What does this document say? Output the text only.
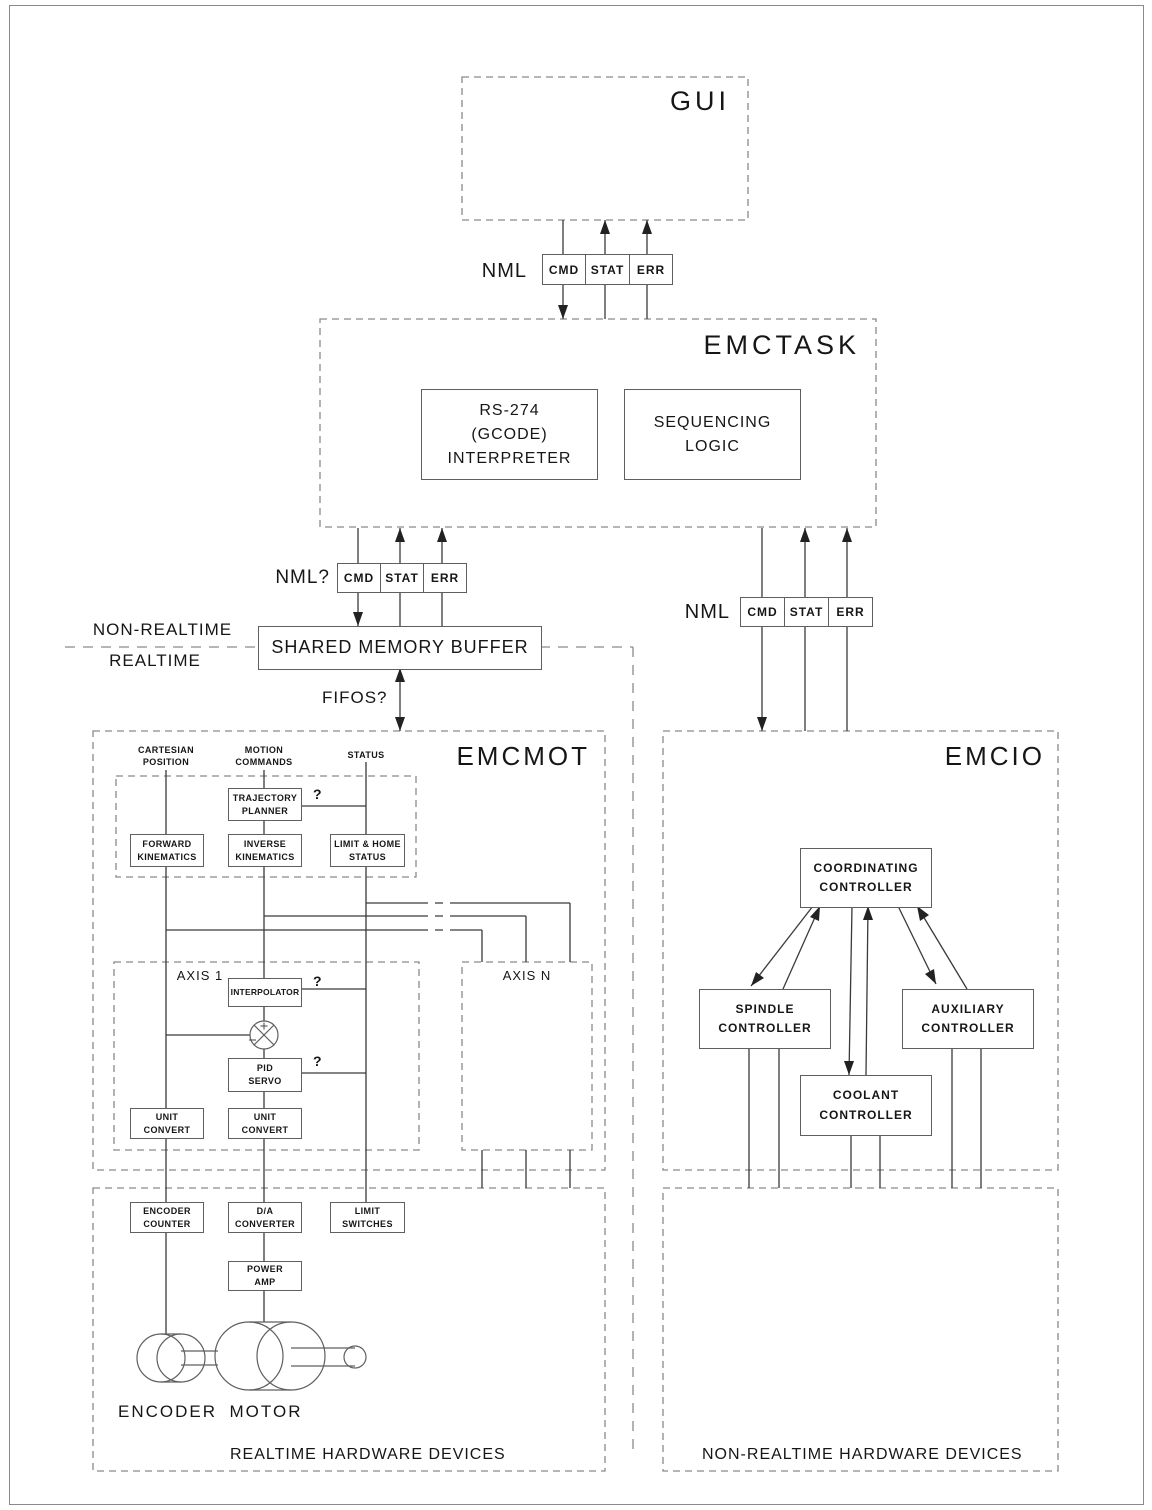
GUI
EMCTASK
EMCMOT	EMCIO
NML	CMD STAT	ERR
NML?	CMD STAT	ERR
NML	CMD	STAT	ERR
RS-274
(GCODE)
INTERPRETER
SEQUENCING
LOGIC
NON-REALTIME
REALTIME
SHARED MEMORY BUFFER
FIFOS?
CARTESIAN
POSITION
MOTION
COMMANDS
STATUS
TRAJECTORY
PLANNER
?
FORWARD
KINEMATICS
INVERSE
KINEMATICS
LIMIT & HOME
STATUS
AXIS 1	AXIS N
INTERPOLATOR
?
PID
SERVO
?
UNIT
CONVERT
UNIT
CONVERT
COORDINATING
CONTROLLER
SPINDLE
CONTROLLER
AUXILIARY
CONTROLLER
COOLANT
CONTROLLER
ENCODER
COUNTER
D/A
CONVERTER
LIMIT
SWITCHES
POWER
AMP
ENCODER MOTOR
REALTIME HARDWARE DEVICES	NON-REALTIME HARDWARE DEVICES
